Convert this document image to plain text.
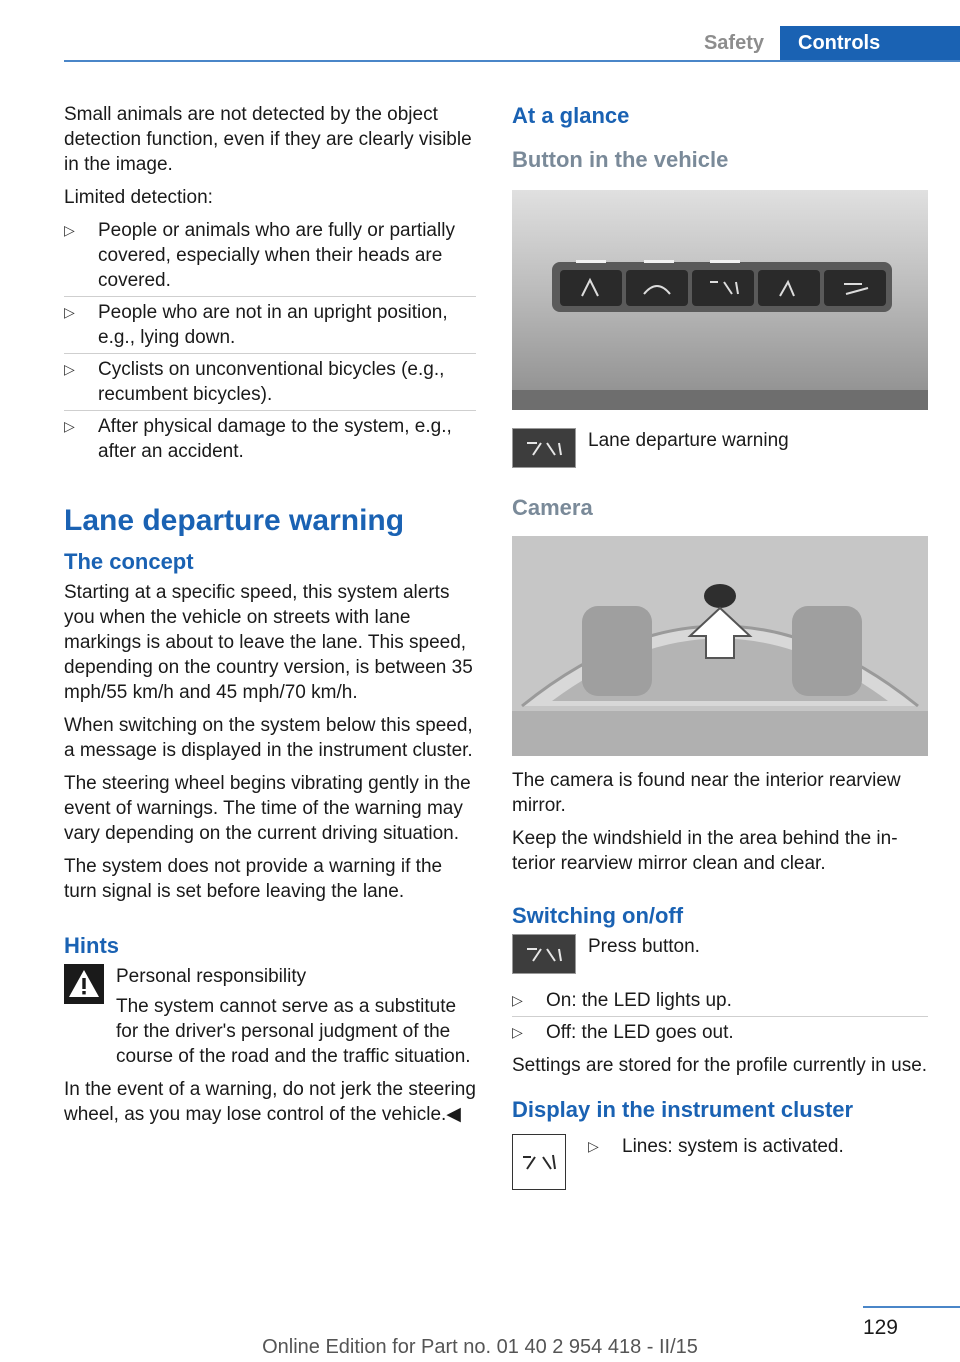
Safety	Controls

Small animals are not detected by the object detection function, even if they are clearly visible in the image.

Limited detection:

▷ People or animals who are fully or partially covered, especially when their heads are covered.
▷ People who are not in an upright position, e.g., lying down.
▷ Cyclists on unconventional bicycles (e.g., recumbent bicycles).
▷ After physical damage to the system, e.g., after an accident.
Lane departure warning
The concept

Starting at a specific speed, this system alerts you when the vehicle on streets with lane markings is about to leave the lane. This speed, depending on the country version, is between 35 mph/55 km/h and 45 mph/70 km/h.

When switching on the system below this speed, a message is displayed in the instrument cluster.

The steering wheel begins vibrating gently in the event of warnings. The time of the warning may vary depending on the current driving situation.

The system does not provide a warning if the turn signal is set before leaving the lane.

Hints
Personal responsibility

The system cannot serve as a substitute for the driver's personal judgment of the course of the road and the traffic situation.

In the event of a warning, do not jerk the steering wheel, as you may lose control of the vehicle.◀

At a glance
Button in the vehicle
Lane departure warning
Camera

The camera is found near the interior rearview mirror.

Keep the windshield in the area behind the interior rearview mirror clean and clear.

Switching on/off
Press button.
▷ On: the LED lights up.
▷ Off: the LED goes out.

Settings are stored for the profile currently in use.

Display in the instrument cluster
▷ Lines: system is activated.
129
Online Edition for Part no. 01 40 2 954 418 - II/15
